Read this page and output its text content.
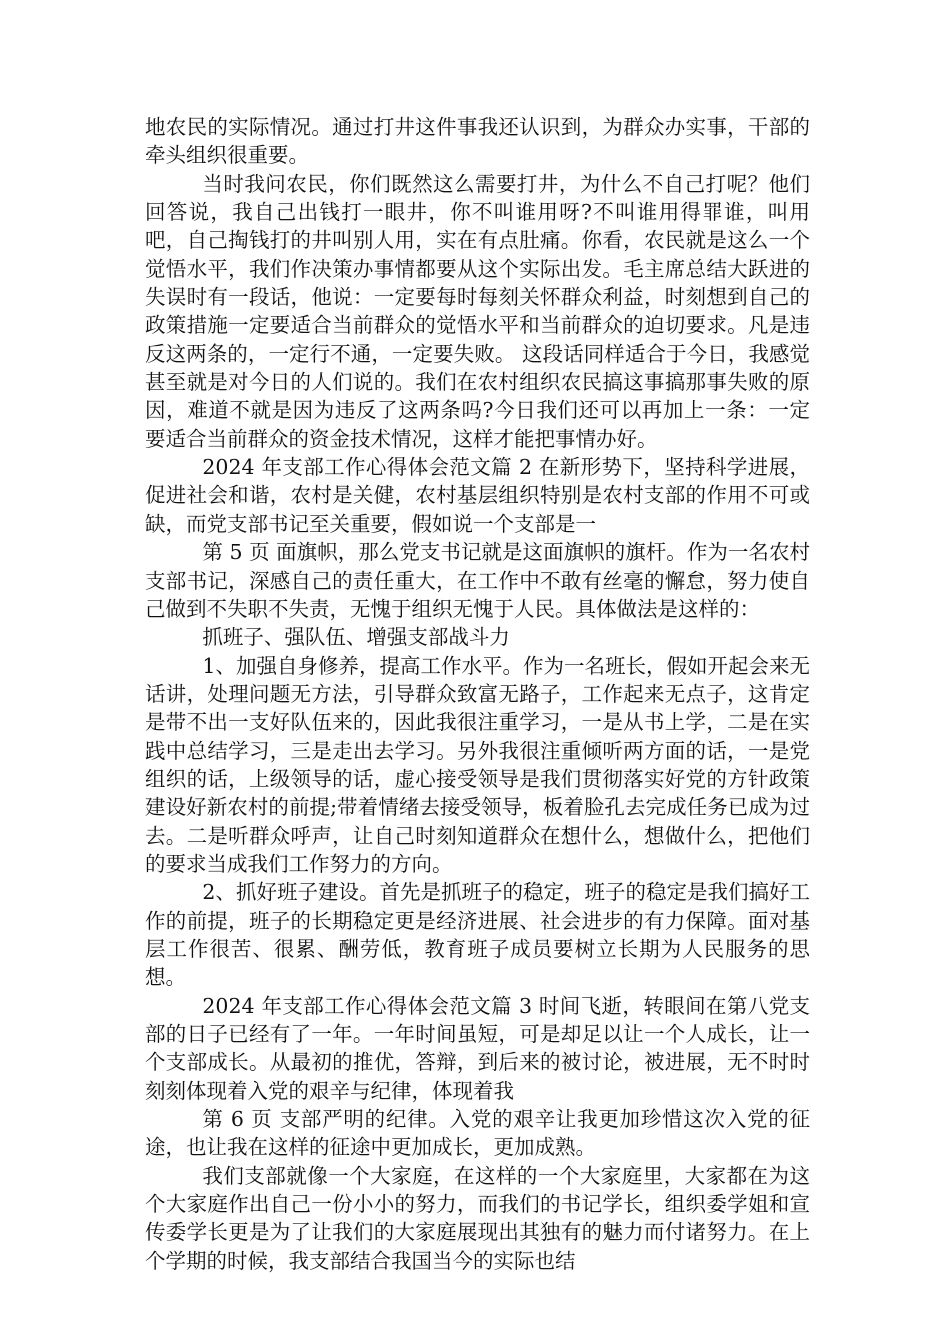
地农民的实际情况。通过打井这件事我还认识到，为群众办实事，干部的牵头组织很重要。

当时我问农民，你们既然这么需要打井，为什么不自己打呢？他们回答说，我自己出钱打一眼井，你不叫谁用呀?不叫谁用得罪谁，叫用吧，自己掏钱打的井叫别人用，实在有点肚痛。你看，农民就是这么一个觉悟水平，我们作决策办事情都要从这个实际出发。毛主席总结大跃进的失误时有一段话，他说：一定要每时每刻关怀群众利益，时刻想到自己的政策措施一定要适合当前群众的觉悟水平和当前群众的迫切要求。凡是违反这两条的，一定行不通，一定要失败。 这段话同样适合于今日，我感觉甚至就是对今日的人们说的。我们在农村组织农民搞这事搞那事失败的原因，难道不就是因为违反了这两条吗?今日我们还可以再加上一条：一定要适合当前群众的资金技术情况，这样才能把事情办好。

2024 年支部工作心得体会范文篇 2 在新形势下，坚持科学进展，促进社会和谐，农村是关健，农村基层组织特别是农村支部的作用不可或缺，而党支部书记至关重要，假如说一个支部是一

第 5 页 面旗帜，那么党支书记就是这面旗帜的旗杆。作为一名农村支部书记，深感自己的责任重大，在工作中不敢有丝毫的懈怠，努力使自己做到不失职不失责，无愧于组织无愧于人民。具体做法是这样的：

抓班子、强队伍、增强支部战斗力

1、加强自身修养，提高工作水平。作为一名班长，假如开起会来无话讲，处理问题无方法，引导群众致富无路子，工作起来无点子，这肯定是带不出一支好队伍来的，因此我很注重学习，一是从书上学，二是在实践中总结学习，三是走出去学习。另外我很注重倾听两方面的话，一是党组织的话，上级领导的话，虚心接受领导是我们贯彻落实好党的方针政策建设好新农村的前提;带着情绪去接受领导，板着脸孔去完成任务已成为过去。二是听群众呼声，让自己时刻知道群众在想什么，想做什么，把他们的要求当成我们工作努力的方向。

2、抓好班子建设。首先是抓班子的稳定，班子的稳定是我们搞好工作的前提，班子的长期稳定更是经济进展、社会进步的有力保障。面对基层工作很苦、很累、酬劳低，教育班子成员要树立长期为人民服务的思想。

2024 年支部工作心得体会范文篇 3 时间飞逝，转眼间在第八党支部的日子已经有了一年。一年时间虽短，可是却足以让一个人成长，让一个支部成长。从最初的推优，答辩，到后来的被讨论，被进展，无不时时刻刻体现着入党的艰辛与纪律，体现着我

第 6 页 支部严明的纪律。入党的艰辛让我更加珍惜这次入党的征途，也让我在这样的征途中更加成长，更加成熟。

我们支部就像一个大家庭，在这样的一个大家庭里，大家都在为这个大家庭作出自己一份小小的努力，而我们的书记学长，组织委学姐和宣传委学长更是为了让我们的大家庭展现出其独有的魅力而付诸努力。在上个学期的时候，我支部结合我国当今的实际也结
